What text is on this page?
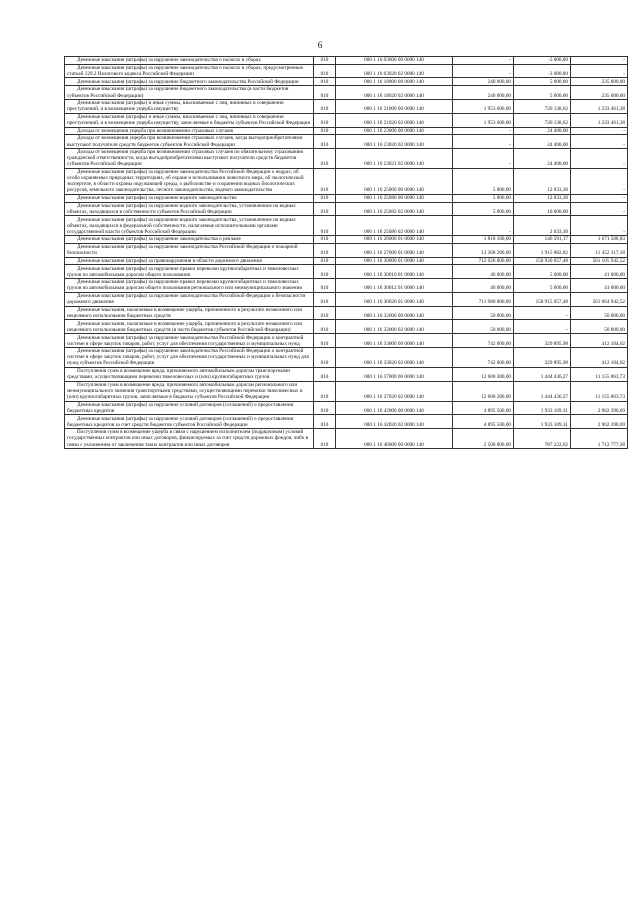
6
Денежные взыскания (штрафы) за нарушение законодательства о налогах и сборах	010	000 1 16 03000 00 0000 140	-	-3 000,00	-
Денежные взыскания (штрафы) за нарушение законодательства о налогах и сборах, предусмотренные статьей 129.2 Налогового кодекса Российской Федерации	010	000 1 16 03020 02 0000 140	-	-3 000,00	-
Денежные взыскания (штрафы) за нарушение бюджетного законодательства Российской Федерации	010	000 1 16 18000 00 0000 140	240 000,00	5 000,00	235 000,00
Денежные взыскания (штрафы) за нарушение бюджетного законодательства (в части бюджетов субъектов Российской Федерации)	010	000 1 16 18020 02 0000 140	240 000,00	5 000,00	235 000,00
Денежные взыскания (штрафы) и иные суммы, взыскиваемые с лиц, виновных в совершении преступлений, и в возмещение ущерба имуществу	010	000 1 16 21000 00 0000 140	1 953 600,00	720 138,62	1 233 461,38
Денежные взыскания (штрафы) и иные суммы, взыскиваемые с лиц, виновных в совершении преступлений, и в возмещение ущерба имуществу, зачисляемые в бюджеты субъектов Российской Федерации	010	000 1 16 21020 02 0000 140	1 953 600,00	720 138,62	1 233 461,38
Доходы от возмещения ущерба при возникновении страховых случаев	010	000 1 16 23000 00 0000 140	-	24 400,00	-
Доходы от возмещения ущерба при возникновении страховых случаев, когда выгодоприобретателями выступают получатели средств бюджетов субъектов Российской Федерации	010	000 1 16 23020 02 0000 140	-	24 400,00	-
Доходы от возмещения ущерба при возникновении страховых случаев по обязательному страхованию гражданской ответственности, когда выгодоприобретателями выступают получатели средств бюджетов субъектов Российской Федерации	010	000 1 16 23021 02 0000 140	-	24 400,00	-
Денежные взыскания (штрафы) за нарушение законодательства Российской Федерации о недрах, об особо охраняемых природных территориях, об охране и использовании животного мира, об экологической экспертизе, в области охраны окружающей среды, о рыболовстве и сохранении водных биологических ресурсов, земельного законодательства, лесного законодательства, водного законодательства	010	000 1 16 25000 00 0000 140	5 000,00	12 033,30	-
Денежные взыскания (штрафы) за нарушение водного законодательства	010	000 1 16 25080 00 0000 140	5 000,00	12 033,30	-
Денежные взыскания (штрафы) за нарушение водного законодательства, установленное на водных объектах, находящихся в собственности субъектов Российской Федерации	010	000 1 16 25082 02 0000 140	5 000,00	10 000,00	-
Денежные взыскания (штрафы) за нарушение водного законодательства, установленное на водных объектах, находящихся в федеральной собственности, налагаемые исполнительными органами государственной власти субъектов Российской Федерации	010	000 1 16 25086 02 0000 140	-	2 033,30	-
Денежные взыскания (штрафы) за нарушение законодательства о рекламе	010	000 1 16 26000 01 0000 140	1 818 100,00	146 591,17	1 671 508,83
Денежные взыскания (штрафы) за нарушение законодательства Российской Федерации о пожарной безопасности	010	000 1 16 27000 01 0000 140	13 368 200,00	1 915 882,82	11 452 317,18
Денежные взыскания (штрафы) за правонарушения в области дорожного движения	010	000 1 16 30000 01 0000 140	712 026 000,00	150 920 057,48	561 105 942,52
Денежные взыскания (штрафы) за нарушение правил перевозки крупногабаритных и тяжеловесных грузов по автомобильным дорогам общего пользования	010	000 1 16 30010 01 0000 140	46 000,00	5 000,00	41 000,00
Денежные взыскания (штрафы) за нарушение правил перевозки крупногабаритных и тяжеловесных грузов по автомобильным дорогам общего пользования регионального или межмуниципального значения	010	000 1 16 30012 01 0000 140	46 000,00	5 000,00	41 000,00
Денежные взыскания (штрафы) за нарушение законодательства Российской Федерации о безопасности дорожного движения	010	000 1 16 30020 01 0000 140	711 980 000,00	150 915 057,48	561 064 942,52
Денежные взыскания, налагаемые в возмещение ущерба, причиненного в результате незаконного или нецелевого использования бюджетных средств	010	000 1 16 32000 00 0000 140	50 000,00	-	50 000,00
Денежные взыскания, налагаемые в возмещение ущерба, причиненного в результате незаконного или нецелевого использования бюджетных средств (в части бюджетов субъектов Российской Федерации)	010	000 1 16 32000 02 0000 140	50 000,00	-	50 000,00
Денежные взыскания (штрафы) за нарушение законодательства Российской Федерации о контрактной системе в сфере закупок товаров, работ, услуг для обеспечения государственных и муниципальных нужд	010	000 1 16 33000 00 0000 140	742 000,00	329 895,98	412 104,02
Денежные взыскания (штрафы) за нарушение законодательства Российской Федерации о контрактной системе в сфере закупок товаров, работ, услуг для обеспечения государственных и муниципальных нужд для нужд субъектов Российской Федерации	010	000 1 16 33020 02 0000 140	742 000,00	329 895,98	412 104,02
Поступления сумм в возмещение вреда, причиняемого автомобильным дорогам транспортными средствами, осуществляющими перевозки тяжеловесных и (или) крупногабаритных грузов	010	000 1 16 37000 00 0000 140	12 600 300,00	1 444 436,27	11 155 863,73
Поступления сумм в возмещение вреда, причиняемого автомобильным дорогам регионального или межмуниципального значения транспортными средствами, осуществляющими перевозки тяжеловесных и (или) крупногабаритных грузов, зачисляемые в бюджеты субъектов Российской Федерации	010	000 1 16 37020 02 0000 140	12 600 300,00	1 444 436,27	11 155 863,73
Денежные взыскания (штрафы) за нарушение условий договоров (соглашений) о предоставлении бюджетных кредитов	010	000 1 16 42000 00 0000 140	4 895 500,00	1 933 109,31	2 962 390,69
Денежные взыскания (штрафы) за нарушение условий договоров (соглашений) о предоставлении бюджетных кредитов за счет средств бюджетов субъектов Российской Федерации	010	000 1 16 42020 02 0000 140	4 895 500,00	1 933 109,31	2 962 390,69
Поступления сумм в возмещение ущерба в связи с нарушением исполнителем (подрядчиком) условий государственных контрактов или иных договоров, финансируемых за счет средств дорожных фондов, либо в связи с уклонением от заключения таких контрактов или иных договоров	010	000 1 16 46000 00 0000 140	2 500 000,00	787 222,62	1 712 777,38
